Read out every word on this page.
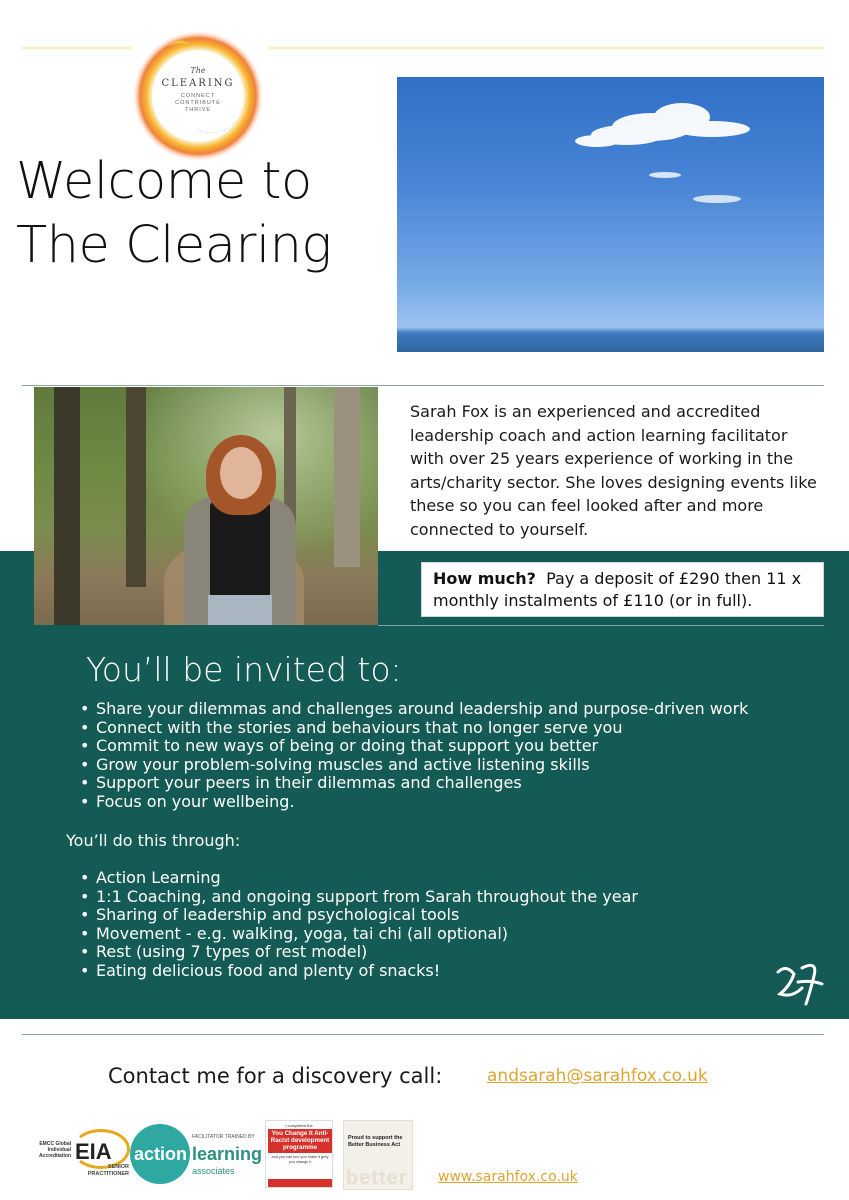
The
CLEARING
CONNECT
CONTRIBUTE
THRIVE
Welcome to
The Clearing

Sarah Fox is an experienced and accredited leadership coach and action learning facilitator with over 25 years experience of working in the arts/charity sector. She loves designing events like these so you can feel looked after and more connected to yourself.

How much? Pay a deposit of £290 then 11 x monthly instalments of £110 (or in full).
You’ll be invited to:
• Share your dilemmas and challenges around leadership and purpose-driven work
• Connect with the stories and behaviours that no longer serve you
• Commit to new ways of being or doing that support you better
• Grow your problem-solving muscles and active listening skills
• Support your peers in their dilemmas and challenges
• Focus on your wellbeing.

You’ll do this through:

• Action Learning
• 1:1 Coaching, and ongoing support from Sarah throughout the year
• Sharing of leadership and psychological tools
• Movement - e.g. walking, yoga, tai chi (all optional)
• Rest (using 7 types of rest model)
• Eating delicious food and plenty of snacks!
Contact me for a discovery call:	andsarah@sarahfox.co.uk
EMCC Global Individual Accreditation EIA
SENIOR PRACTITIONER
FACILITATOR TRAINED BY
action learning
associates
I completed the
You Change It Anti-Racist development programme
and you can too! you make it grey you change it
Proud to support the Better Business Act
better www.sarahfox.co.uk
